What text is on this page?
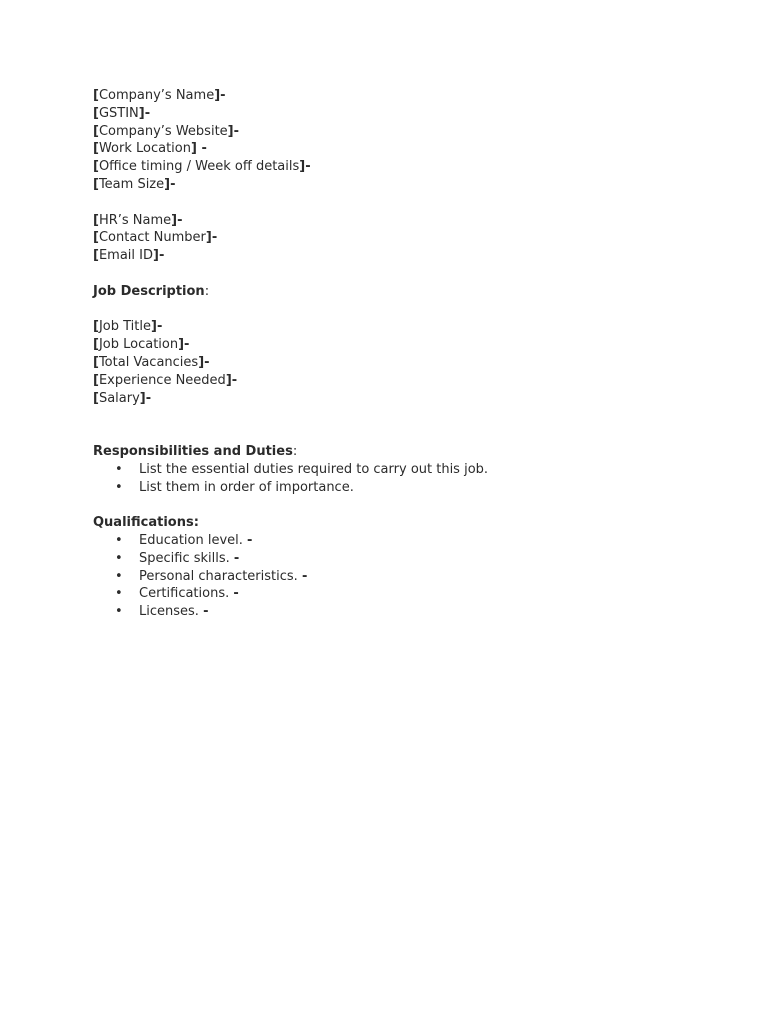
[Company’s Name]-
[GSTIN]-
[Company’s Website]-
[Work Location] -
[Office timing / Week off details]-
[Team Size]-
[HR’s Name]-
[Contact Number]-
[Email ID]-
Job Description:
[Job Title]-
[Job Location]-
[Total Vacancies]-
[Experience Needed]-
[Salary]-
Responsibilities and Duties:
• List the essential duties required to carry out this job.
• List them in order of importance.
Qualifications:
• Education level. -
• Specific skills. -
• Personal characteristics. -
• Certifications. -
• Licenses. -
